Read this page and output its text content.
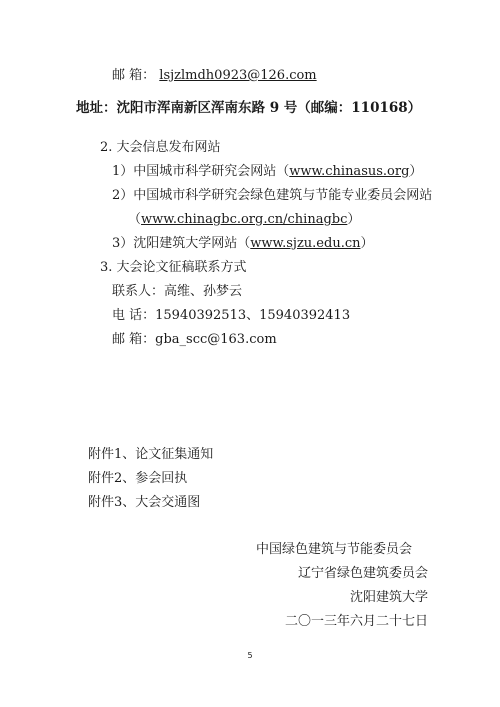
邮 箱： lsjzlmdh0923@126.com
地址：沈阳市浑南新区浑南东路 9 号（邮编：110168）
2. 大会信息发布网站
1）中国城市科学研究会网站（www.chinasus.org）
2）中国城市科学研究会绿色建筑与节能专业委员会网站
（www.chinagbc.org.cn/chinagbc）
3）沈阳建筑大学网站（www.sjzu.edu.cn）
3. 大会论文征稿联系方式
联系人：高维、孙梦云
电 话：15940392513、15940392413
邮 箱：gba_scc@163.com
附件1、论文征集通知
附件2、参会回执
附件3、大会交通图
中国绿色建筑与节能委员会
辽宁省绿色建筑委员会
沈阳建筑大学
二〇一三年六月二十七日
5
